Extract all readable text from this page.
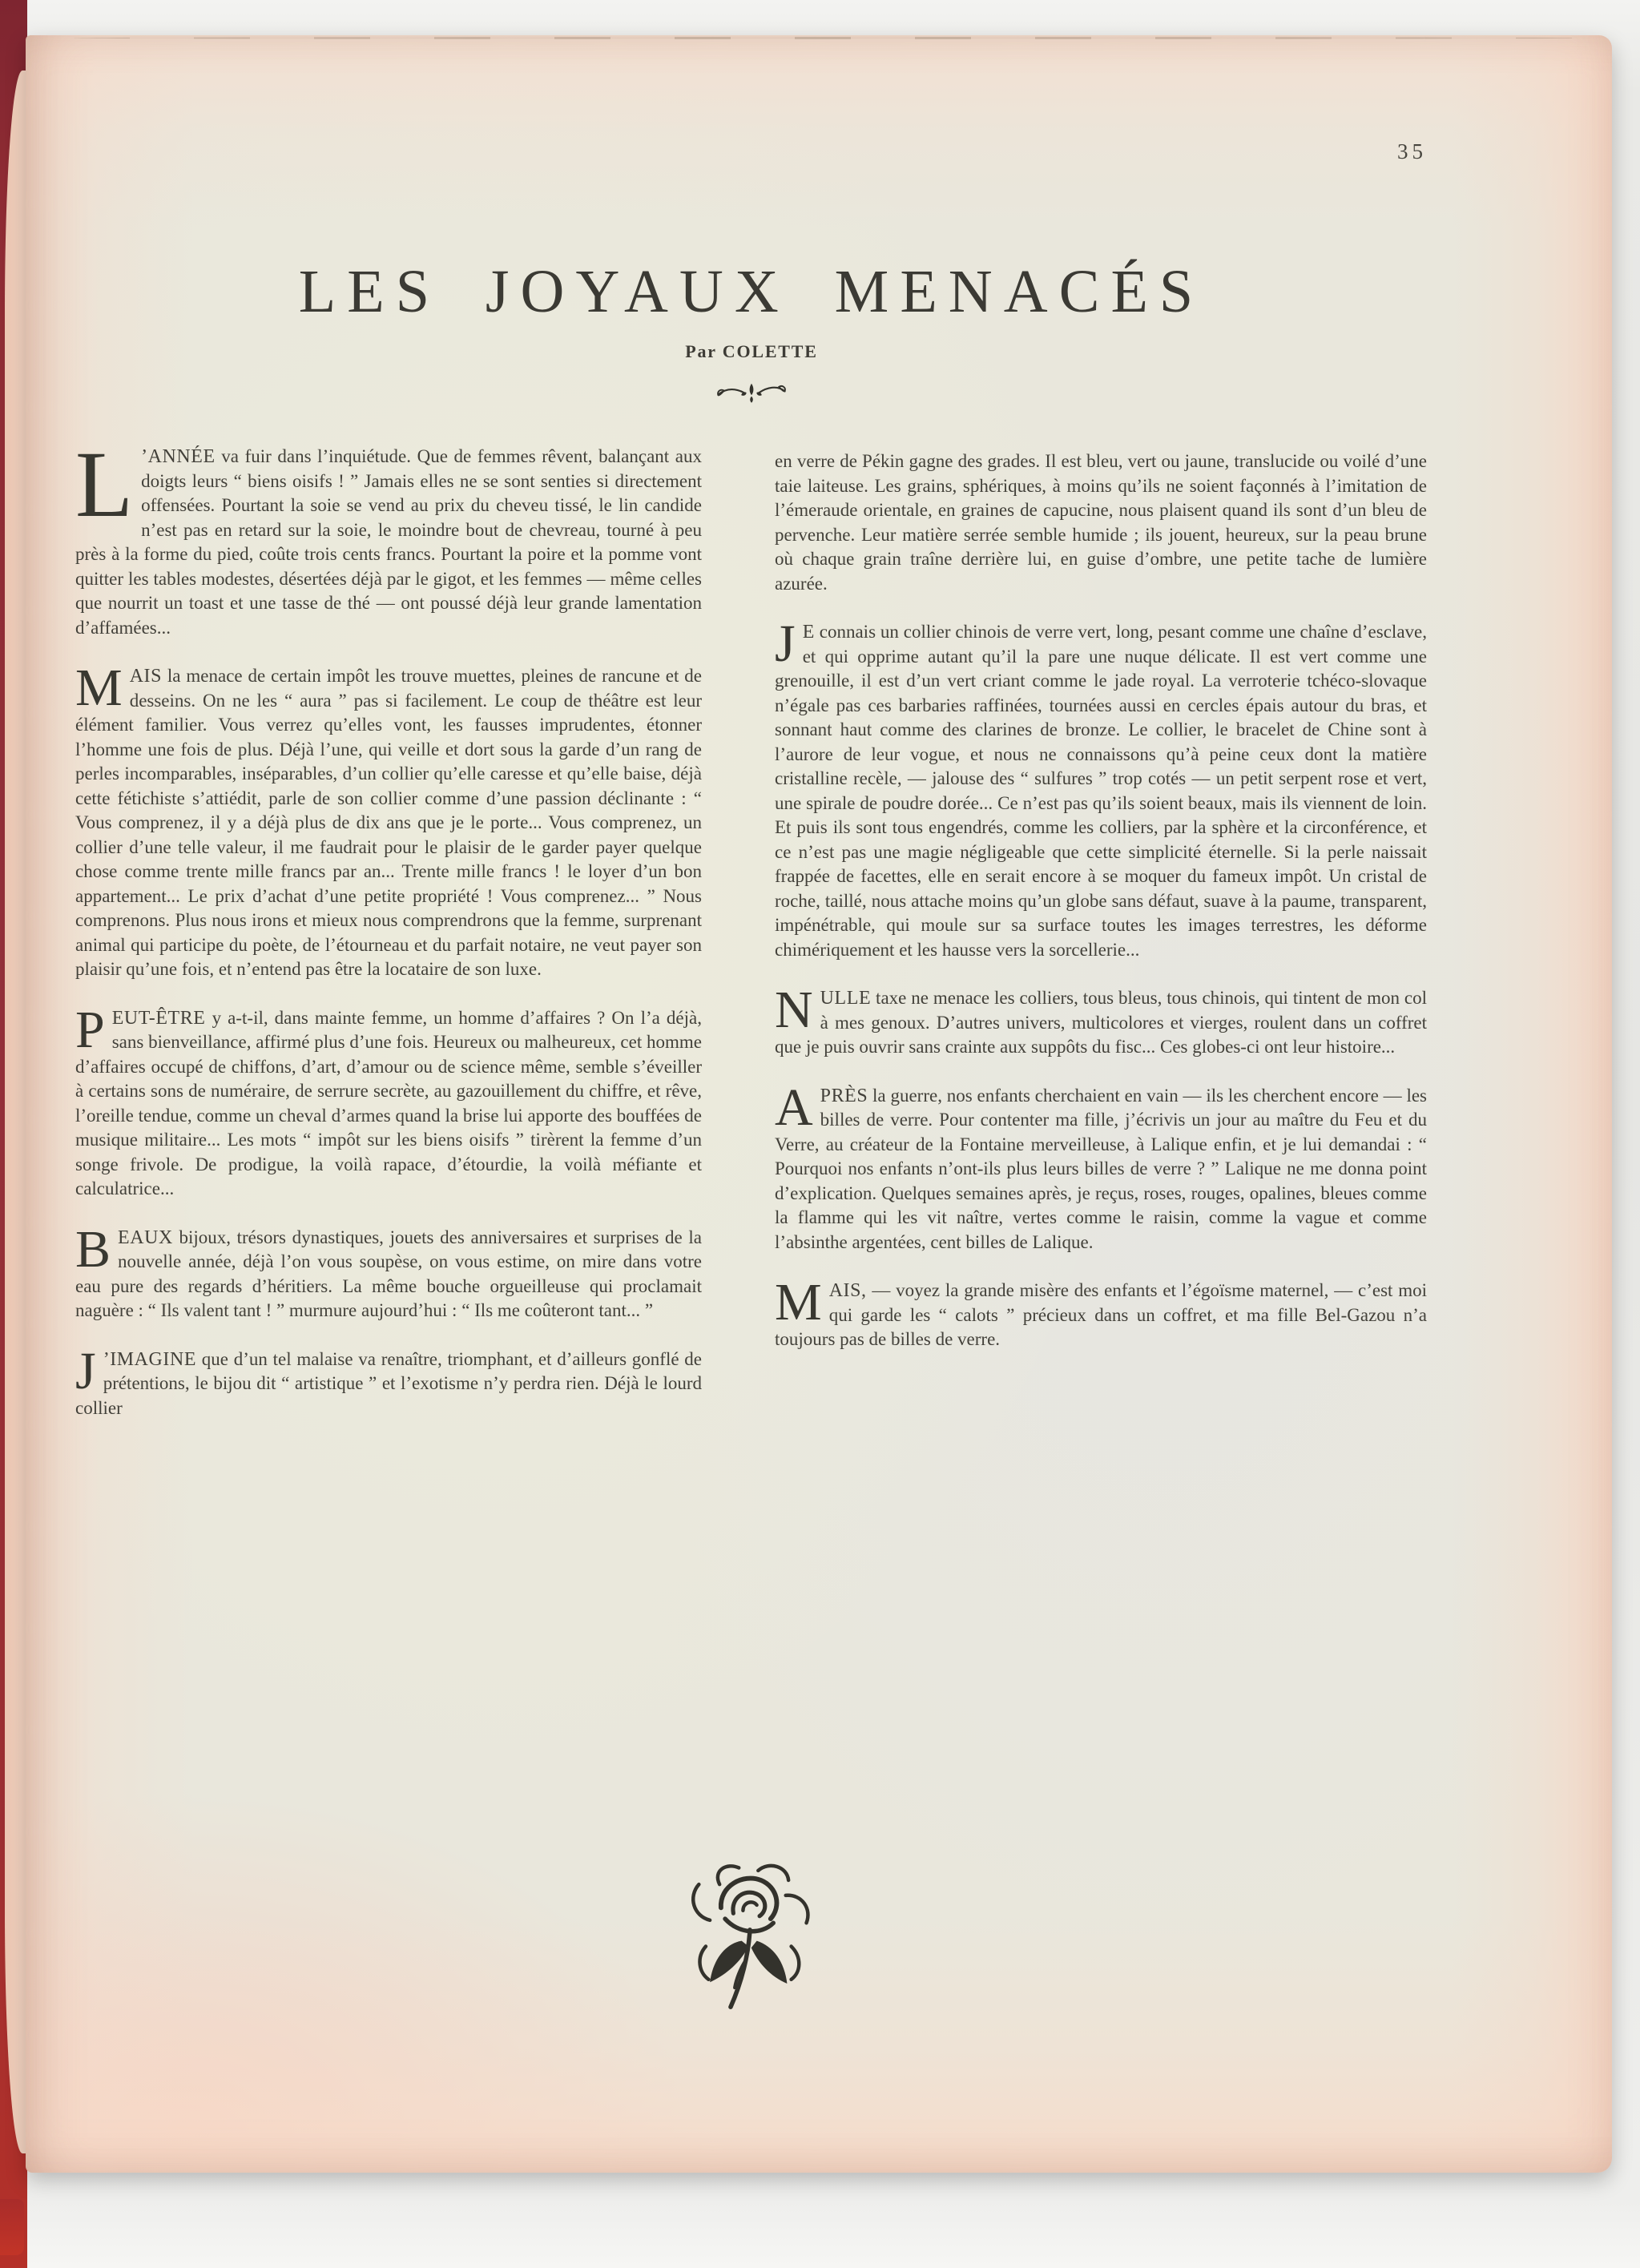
35
LES JOYAUX MENACÉS
Par COLETTE

L ’ANNÉE va fuir dans l’inquiétude. Que de femmes rêvent, balançant aux doigts leurs “ biens oisifs ! ” Jamais elles ne se sont senties si directement offensées. Pourtant la soie se vend au prix du cheveu tissé, le lin candide n’est pas en retard sur la soie, le moindre bout de chevreau, tourné à peu près à la forme du pied, coûte trois cents francs. Pourtant la poire et la pomme vont quitter les tables modestes, désertées déjà par le gigot, et les femmes — même celles que nourrit un toast et une tasse de thé — ont poussé déjà leur grande lamentation d’affamées...

MAIS la menace de certain impôt les trouve muettes, pleines de rancune et de desseins. On ne les “ aura ” pas si facilement. Le coup de théâtre est leur élément familier. Vous verrez qu’elles vont, les fausses imprudentes, étonner l’homme une fois de plus. Déjà l’une, qui veille et dort sous la garde d’un rang de perles incomparables, inséparables, d’un collier qu’elle caresse et qu’elle baise, déjà cette fétichiste s’attiédit, parle de son collier comme d’une passion déclinante : “ Vous comprenez, il y a déjà plus de dix ans que je le porte... Vous comprenez, un collier d’une telle valeur, il me faudrait pour le plaisir de le garder payer quelque chose comme trente mille francs par an... Trente mille francs ! le loyer d’un bon appartement... Le prix d’achat d’une petite propriété ! Vous comprenez... ” Nous comprenons. Plus nous irons et mieux nous comprendrons que la femme, surprenant animal qui participe du poète, de l’étourneau et du parfait notaire, ne veut payer son plaisir qu’une fois, et n’entend pas être la locataire de son luxe.

PEUT-ÊTRE y a-t-il, dans mainte femme, un homme d’affaires ? On l’a déjà, sans bienveillance, affirmé plus d’une fois. Heureux ou malheureux, cet homme d’affaires occupé de chiffons, d’art, d’amour ou de science même, semble s’éveiller à certains sons de numéraire, de serrure secrète, au gazouillement du chiffre, et rêve, l’oreille tendue, comme un cheval d’armes quand la brise lui apporte des bouffées de musique militaire... Les mots “ impôt sur les biens oisifs ” tirèrent la femme d’un songe frivole. De prodigue, la voilà rapace, d’étourdie, la voilà méfiante et calculatrice...

BEAUX bijoux, trésors dynastiques, jouets des anniversaires et surprises de la nouvelle année, déjà l’on vous soupèse, on vous estime, on mire dans votre eau pure des regards d’héritiers. La même bouche orgueilleuse qui proclamait naguère : “ Ils valent tant ! ” murmure aujourd’hui : “ Ils me coûteront tant... ”

J ’IMAGINE que d’un tel malaise va renaître, triomphant, et d’ailleurs gonflé de prétentions, le bijou dit “ artistique ” et l’exotisme n’y perdra rien. Déjà le lourd collier

en verre de Pékin gagne des grades. Il est bleu, vert ou jaune, translucide ou voilé d’une taie laiteuse. Les grains, sphériques, à moins qu’ils ne soient façonnés à l’imitation de l’émeraude orientale, en graines de capucine, nous plaisent quand ils sont d’un bleu de pervenche. Leur matière serrée semble humide ; ils jouent, heureux, sur la peau brune où chaque grain traîne derrière lui, en guise d’ombre, une petite tache de lumière azurée.

J E connais un collier chinois de verre vert, long, pesant comme une chaîne d’esclave, et qui opprime autant qu’il la pare une nuque délicate. Il est vert comme une grenouille, il est d’un vert criant comme le jade royal. La verroterie tchéco-slovaque n’égale pas ces barbaries raffinées, tournées aussi en cercles épais autour du bras, et sonnant haut comme des clarines de bronze. Le collier, le bracelet de Chine sont à l’aurore de leur vogue, et nous ne connaissons qu’à peine ceux dont la matière cristalline recèle, — jalouse des “ sulfures ” trop cotés — un petit serpent rose et vert, une spirale de poudre dorée... Ce n’est pas qu’ils soient beaux, mais ils viennent de loin. Et puis ils sont tous engendrés, comme les colliers, par la sphère et la circonférence, et ce n’est pas une magie négligeable que cette simplicité éternelle. Si la perle naissait frappée de facettes, elle en serait encore à se moquer du fameux impôt. Un cristal de roche, taillé, nous attache moins qu’un globe sans défaut, suave à la paume, transparent, impénétrable, qui moule sur sa surface toutes les images terrestres, les déforme chimériquement et les hausse vers la sorcellerie...

NULLE taxe ne menace les colliers, tous bleus, tous chinois, qui tintent de mon col à mes genoux. D’autres univers, multicolores et vierges, roulent dans un coffret que je puis ouvrir sans crainte aux suppôts du fisc... Ces globes-ci ont leur histoire...

APRÈS la guerre, nos enfants cherchaient en vain — ils les cherchent encore — les billes de verre. Pour contenter ma fille, j’écrivis un jour au maître du Feu et du Verre, au créateur de la Fontaine merveilleuse, à Lalique enfin, et je lui demandai : “ Pourquoi nos enfants n’ont-ils plus leurs billes de verre ? ” Lalique ne me donna point d’explication. Quelques semaines après, je reçus, roses, rouges, opalines, bleues comme la flamme qui les vit naître, vertes comme le raisin, comme la vague et comme l’absinthe argentées, cent billes de Lalique.

MAIS, — voyez la grande misère des enfants et l’égoïsme maternel, — c’est moi qui garde les “ calots ” précieux dans un coffret, et ma fille Bel-Gazou n’a toujours pas de billes de verre.
